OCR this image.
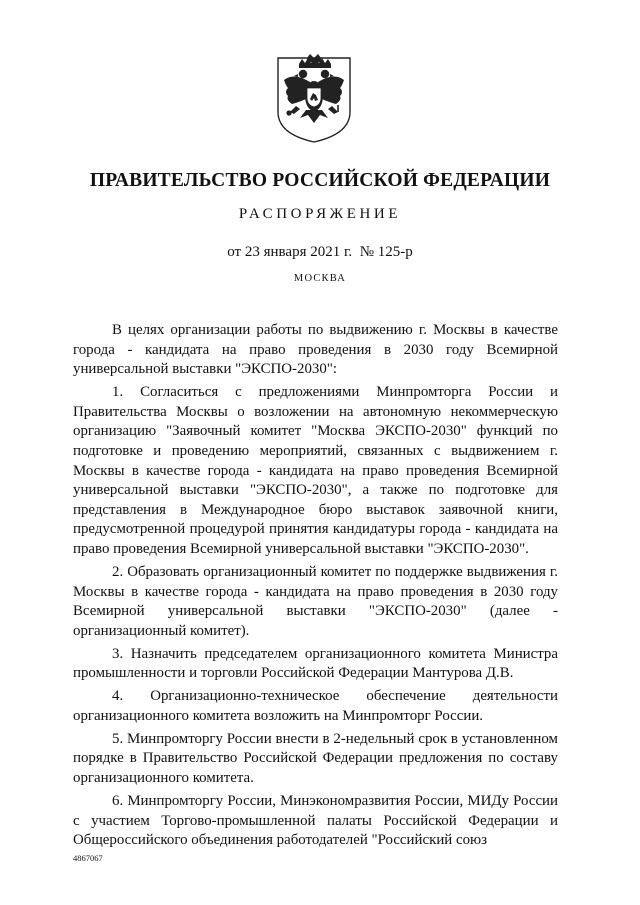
ПРАВИТЕЛЬСТВО РОССИЙСКОЙ ФЕДЕРАЦИИ
РАСПОРЯЖЕНИЕ
от 23 января 2021 г. № 125-р
МОСКВА

В целях организации работы по выдвижению г. Москвы в качестве города - кандидата на право проведения в 2030 году Всемирной универсальной выставки "ЭКСПО-2030":

1. Согласиться с предложениями Минпромторга России и Правительства Москвы о возложении на автономную некоммерческую организацию "Заявочный комитет "Москва ЭКСПО-2030" функций по подготовке и проведению мероприятий, связанных с выдвижением г. Москвы в качестве города - кандидата на право проведения Всемирной универсальной выставки "ЭКСПО-2030", а также по подготовке для представления в Международное бюро выставок заявочной книги, предусмотренной процедурой принятия кандидатуры города - кандидата на право проведения Всемирной универсальной выставки "ЭКСПО-2030".

2. Образовать организационный комитет по поддержке выдвижения г. Москвы в качестве города - кандидата на право проведения в 2030 году Всемирной универсальной выставки "ЭКСПО-2030" (далее - организационный комитет).

3. Назначить председателем организационного комитета Министра промышленности и торговли Российской Федерации Мантурова Д.В.

4. Организационно-техническое обеспечение деятельности организационного комитета возложить на Минпромторг России.

5. Минпромторгу России внести в 2-недельный срок в установленном порядке в Правительство Российской Федерации предложения по составу организационного комитета.

6. Минпромторгу России, Минэкономразвития России, МИДу России с участием Торгово-промышленной палаты Российской Федерации и Общероссийского объединения работодателей "Российский союз

4867067
